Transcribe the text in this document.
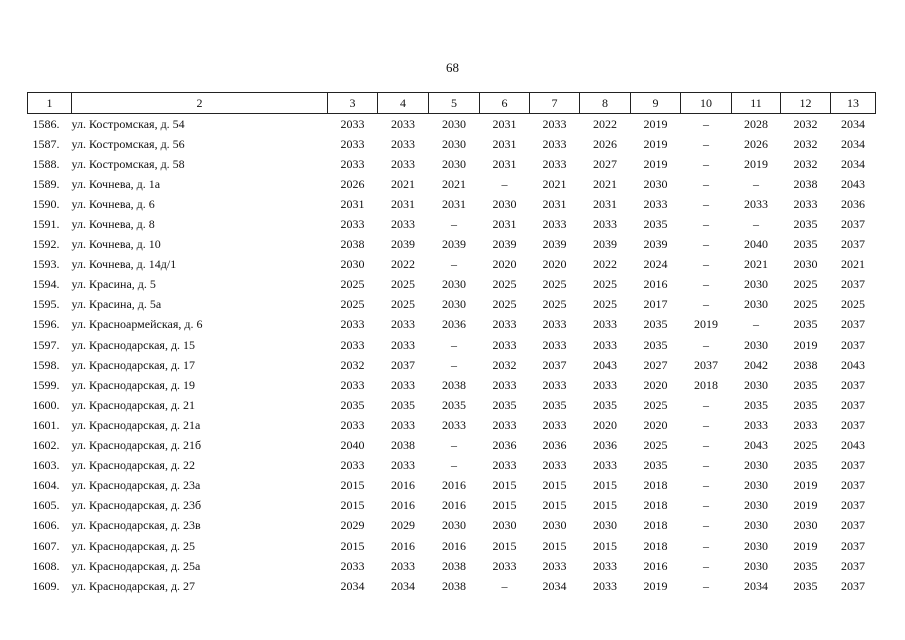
68
1	2	3	4	5	6	7	8	9	10	11	12	13
1586.	ул. Костромская, д. 54	2033	2033	2030	2031	2033	2022	2019	–	2028	2032	2034
1587.	ул. Костромская, д. 56	2033	2033	2030	2031	2033	2026	2019	–	2026	2032	2034
1588.	ул. Костромская, д. 58	2033	2033	2030	2031	2033	2027	2019	–	2019	2032	2034
1589.	ул. Кочнева, д. 1а	2026	2021	2021	–	2021	2021	2030	–	–	2038	2043
1590.	ул. Кочнева, д. 6	2031	2031	2031	2030	2031	2031	2033	–	2033	2033	2036
1591.	ул. Кочнева, д. 8	2033	2033	–	2031	2033	2033	2035	–	–	2035	2037
1592.	ул. Кочнева, д. 10	2038	2039	2039	2039	2039	2039	2039	–	2040	2035	2037
1593.	ул. Кочнева, д. 14д/1	2030	2022	–	2020	2020	2022	2024	–	2021	2030	2021
1594.	ул. Красина, д. 5	2025	2025	2030	2025	2025	2025	2016	–	2030	2025	2037
1595.	ул. Красина, д. 5а	2025	2025	2030	2025	2025	2025	2017	–	2030	2025	2025
1596.	ул. Красноармейская, д. 6	2033	2033	2036	2033	2033	2033	2035	2019	–	2035	2037
1597.	ул. Краснодарская, д. 15	2033	2033	–	2033	2033	2033	2035	–	2030	2019	2037
1598.	ул. Краснодарская, д. 17	2032	2037	–	2032	2037	2043	2027	2037	2042	2038	2043
1599.	ул. Краснодарская, д. 19	2033	2033	2038	2033	2033	2033	2020	2018	2030	2035	2037
1600.	ул. Краснодарская, д. 21	2035	2035	2035	2035	2035	2035	2025	–	2035	2035	2037
1601.	ул. Краснодарская, д. 21а	2033	2033	2033	2033	2033	2020	2020	–	2033	2033	2037
1602.	ул. Краснодарская, д. 21б	2040	2038	–	2036	2036	2036	2025	–	2043	2025	2043
1603.	ул. Краснодарская, д. 22	2033	2033	–	2033	2033	2033	2035	–	2030	2035	2037
1604.	ул. Краснодарская, д. 23а	2015	2016	2016	2015	2015	2015	2018	–	2030	2019	2037
1605.	ул. Краснодарская, д. 23б	2015	2016	2016	2015	2015	2015	2018	–	2030	2019	2037
1606.	ул. Краснодарская, д. 23в	2029	2029	2030	2030	2030	2030	2018	–	2030	2030	2037
1607.	ул. Краснодарская, д. 25	2015	2016	2016	2015	2015	2015	2018	–	2030	2019	2037
1608.	ул. Краснодарская, д. 25а	2033	2033	2038	2033	2033	2033	2016	–	2030	2035	2037
1609.	ул. Краснодарская, д. 27	2034	2034	2038	–	2034	2033	2019	–	2034	2035	2037
